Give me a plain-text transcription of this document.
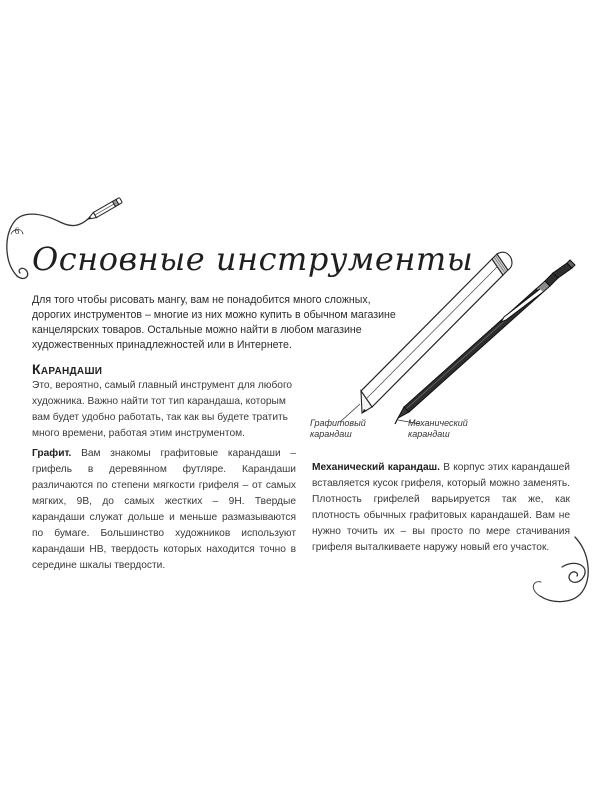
6
Основные инструменты
Для того чтобы рисовать мангу, вам не понадобится много сложных, дорогих инструментов – многие из них можно купить в обычном магазине канцелярских товаров. Остальные можно найти в любом магазине художественных принадлежностей или в Интернете.
Карандаши
Это, вероятно, самый главный инструмент для любого художника. Важно найти тот тип карандаша, которым вам будет удобно работать, так как вы будете тратить много времени, работая этим инструментом.
Графит. Вам знакомы графитовые карандаши – грифель в деревянном футляре. Карандаши различаются по степени мягкости грифеля – от самых мягких, 9B, до самых жестких – 9H. Твердые карандаши служат дольше и меньше размазываются по бумаге. Большинство художников используют карандаши HB, твердость которых находится точно в середине шкалы твердости.
Графитовый карандаш
Механический карандаш
Механический карандаш. В корпус этих карандашей вставляется кусок грифеля, который можно заменять. Плотность грифелей варьируется так же, как плотность обычных графитовых карандашей. Вам не нужно точить их – вы просто по мере стачивания грифеля выталкиваете наружу новый его участок.
